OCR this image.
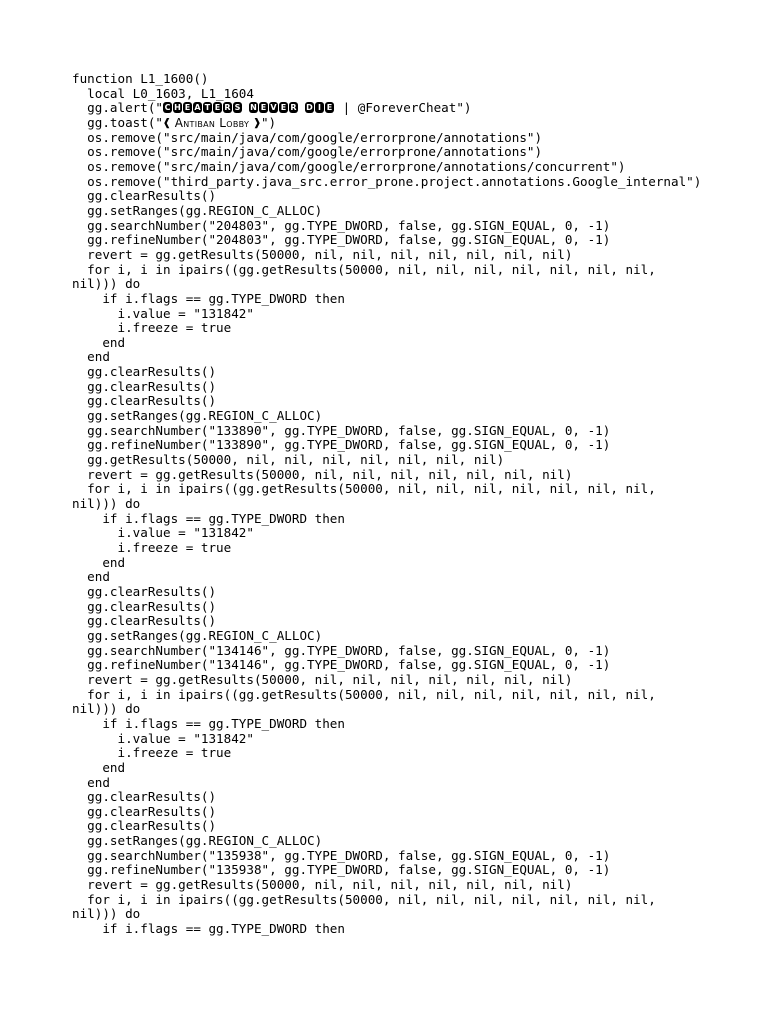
function L1_1600()
local L0_1603, L1_1604
gg.alert(" C H E A T E R S N E V E R D I E | @ForeverCheat")
gg.toast("❰ Antiban Lobby ❱")
os.remove("src/main/java/com/google/errorprone/annotations")
os.remove("src/main/java/com/google/errorprone/annotations")
os.remove("src/main/java/com/google/errorprone/annotations/concurrent")
os.remove("third_party.java_src.error_prone.project.annotations.Google_internal")
gg.clearResults()
gg.setRanges(gg.REGION_C_ALLOC)
gg.searchNumber("204803", gg.TYPE_DWORD, false, gg.SIGN_EQUAL, 0, -1)
gg.refineNumber("204803", gg.TYPE_DWORD, false, gg.SIGN_EQUAL, 0, -1)
revert = gg.getResults(50000, nil, nil, nil, nil, nil, nil, nil)
for i, i in ipairs((gg.getResults(50000, nil, nil, nil, nil, nil, nil, nil,
nil))) do
if i.flags == gg.TYPE_DWORD then
i.value = "131842"
i.freeze = true
end
end
gg.clearResults()
gg.clearResults()
gg.clearResults()
gg.setRanges(gg.REGION_C_ALLOC)
gg.searchNumber("133890", gg.TYPE_DWORD, false, gg.SIGN_EQUAL, 0, -1)
gg.refineNumber("133890", gg.TYPE_DWORD, false, gg.SIGN_EQUAL, 0, -1)
gg.getResults(50000, nil, nil, nil, nil, nil, nil, nil)
revert = gg.getResults(50000, nil, nil, nil, nil, nil, nil, nil)
for i, i in ipairs((gg.getResults(50000, nil, nil, nil, nil, nil, nil, nil,
nil))) do
if i.flags == gg.TYPE_DWORD then
i.value = "131842"
i.freeze = true
end
end
gg.clearResults()
gg.clearResults()
gg.clearResults()
gg.setRanges(gg.REGION_C_ALLOC)
gg.searchNumber("134146", gg.TYPE_DWORD, false, gg.SIGN_EQUAL, 0, -1)
gg.refineNumber("134146", gg.TYPE_DWORD, false, gg.SIGN_EQUAL, 0, -1)
revert = gg.getResults(50000, nil, nil, nil, nil, nil, nil, nil)
for i, i in ipairs((gg.getResults(50000, nil, nil, nil, nil, nil, nil, nil,
nil))) do
if i.flags == gg.TYPE_DWORD then
i.value = "131842"
i.freeze = true
end
end
gg.clearResults()
gg.clearResults()
gg.clearResults()
gg.setRanges(gg.REGION_C_ALLOC)
gg.searchNumber("135938", gg.TYPE_DWORD, false, gg.SIGN_EQUAL, 0, -1)
gg.refineNumber("135938", gg.TYPE_DWORD, false, gg.SIGN_EQUAL, 0, -1)
revert = gg.getResults(50000, nil, nil, nil, nil, nil, nil, nil)
for i, i in ipairs((gg.getResults(50000, nil, nil, nil, nil, nil, nil, nil,
nil))) do
if i.flags == gg.TYPE_DWORD then
